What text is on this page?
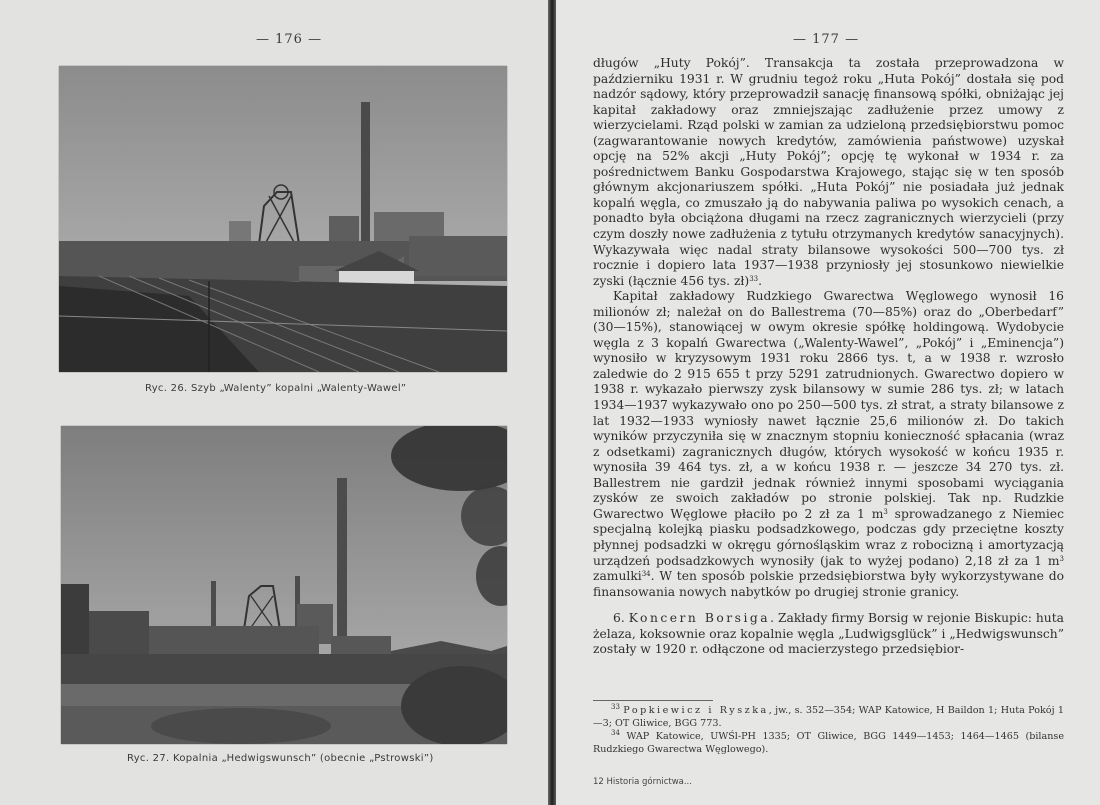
— 176 —
Ryc. 26. Szyb „Walenty” kopalni „Walenty-Wawel”
Ryc. 27. Kopalnia „Hedwigswunsch” (obecnie „Pstrowski”)
— 177 —

długów „Huty Pokój”. Transakcja ta została przeprowadzona w październiku 1931 r. W grudniu tegoż roku „Huta Pokój” dostała się pod nadzór sądowy, który przeprowadził sanację finansową spółki, obniżając jej kapitał zakładowy oraz zmniejszając zadłużenie przez umowy z wierzycielami. Rząd polski w zamian za udzieloną przedsiębiorstwu pomoc (zagwarantowanie nowych kredytów, zamówienia państwowe) uzyskał opcję na 52% akcji „Huty Pokój”; opcję tę wykonał w 1934 r. za pośrednictwem Banku Gospodarstwa Krajowego, stając się w ten sposób głównym akcjonariuszem spółki. „Huta Pokój” nie posiadała już jednak kopalń węgla, co zmuszało ją do nabywania paliwa po wysokich cenach, a ponadto była obciążona długami na rzecz zagranicznych wierzycieli (przy czym doszły nowe zadłużenia z tytułu otrzymanych kredytów sanacyjnych). Wykazywała więc nadal straty bilansowe wysokości 500—700 tys. zł rocznie i dopiero lata 1937—1938 przyniosły jej stosunkowo niewielkie zyski (łącznie 456 tys. zł)$^{33}$.

Kapitał zakładowy Rudzkiego Gwarectwa Węglowego wynosił 16 milionów zł; należał on do Ballestrema (70—85%) oraz do „Oberbedarf” (30—15%), stanowiącej w owym okresie spółkę holdingową. Wydobycie węgla z 3 kopalń Gwarectwa („Walenty-Wawel”, „Pokój” i „Eminencja”) wynosiło w kryzysowym 1931 roku 2866 tys. t, a w 1938 r. wzrosło zaledwie do 2 915 655 t przy 5291 zatrudnionych. Gwarectwo dopiero w 1938 r. wykazało pierwszy zysk bilansowy w sumie 286 tys. zł; w latach 1934—1937 wykazywało ono po 250—500 tys. zł strat, a straty bilansowe z lat 1932—1933 wyniosły nawet łącznie 25,6 milionów zł. Do takich wyników przyczyniła się w znacznym stopniu konieczność spłacania (wraz z odsetkami) zagranicznych długów, których wysokość w końcu 1935 r. wynosiła 39 464 tys. zł, a w końcu 1938 r. — jeszcze 34 270 tys. zł. Ballestrem nie gardził jednak również innymi sposobami wyciągania zysków ze swoich zakładów po stronie polskiej. Tak np. Rudzkie Gwarectwo Węglowe płaciło po 2 zł za 1 $m^3$ sprowadzanego z Niemiec specjalną kolejką piasku podsadzkowego, podczas gdy przeciętne koszty płynnej podsadzki w okręgu górnośląskim wraz z robocizną i amortyzacją urządzeń podsadzkowych wynosiły (jak to wyżej podano) 2,18 zł za 1 $m^3$ zamulki$^{34}$. W ten sposób polskie przedsiębiorstwa były wykorzystywane do finansowania nowych nabytków po drugiej stronie granicy.

6. Koncern Borsiga. Zakłady firmy Borsig w rejonie Biskupic: huta żelaza, koksownie oraz kopalnie węgla „Ludwigsglück” i „Hedwigswunsch” zostały w 1920 r. odłączone od macierzystego przedsiębior-

$^{33}$ Popkiewicz i Ryszka, jw., s. 352—354; WAP Katowice, H Baildon 1; Huta Pokój 1—3; OT Gliwice, BGG 773.

$^{34}$ WAP Katowice, UWŚl-PH 1335; OT Gliwice, BGG 1449—1453; 1464—1465 (bilanse Rudzkiego Gwarectwa Węglowego).

12 Historia górnictwa...
